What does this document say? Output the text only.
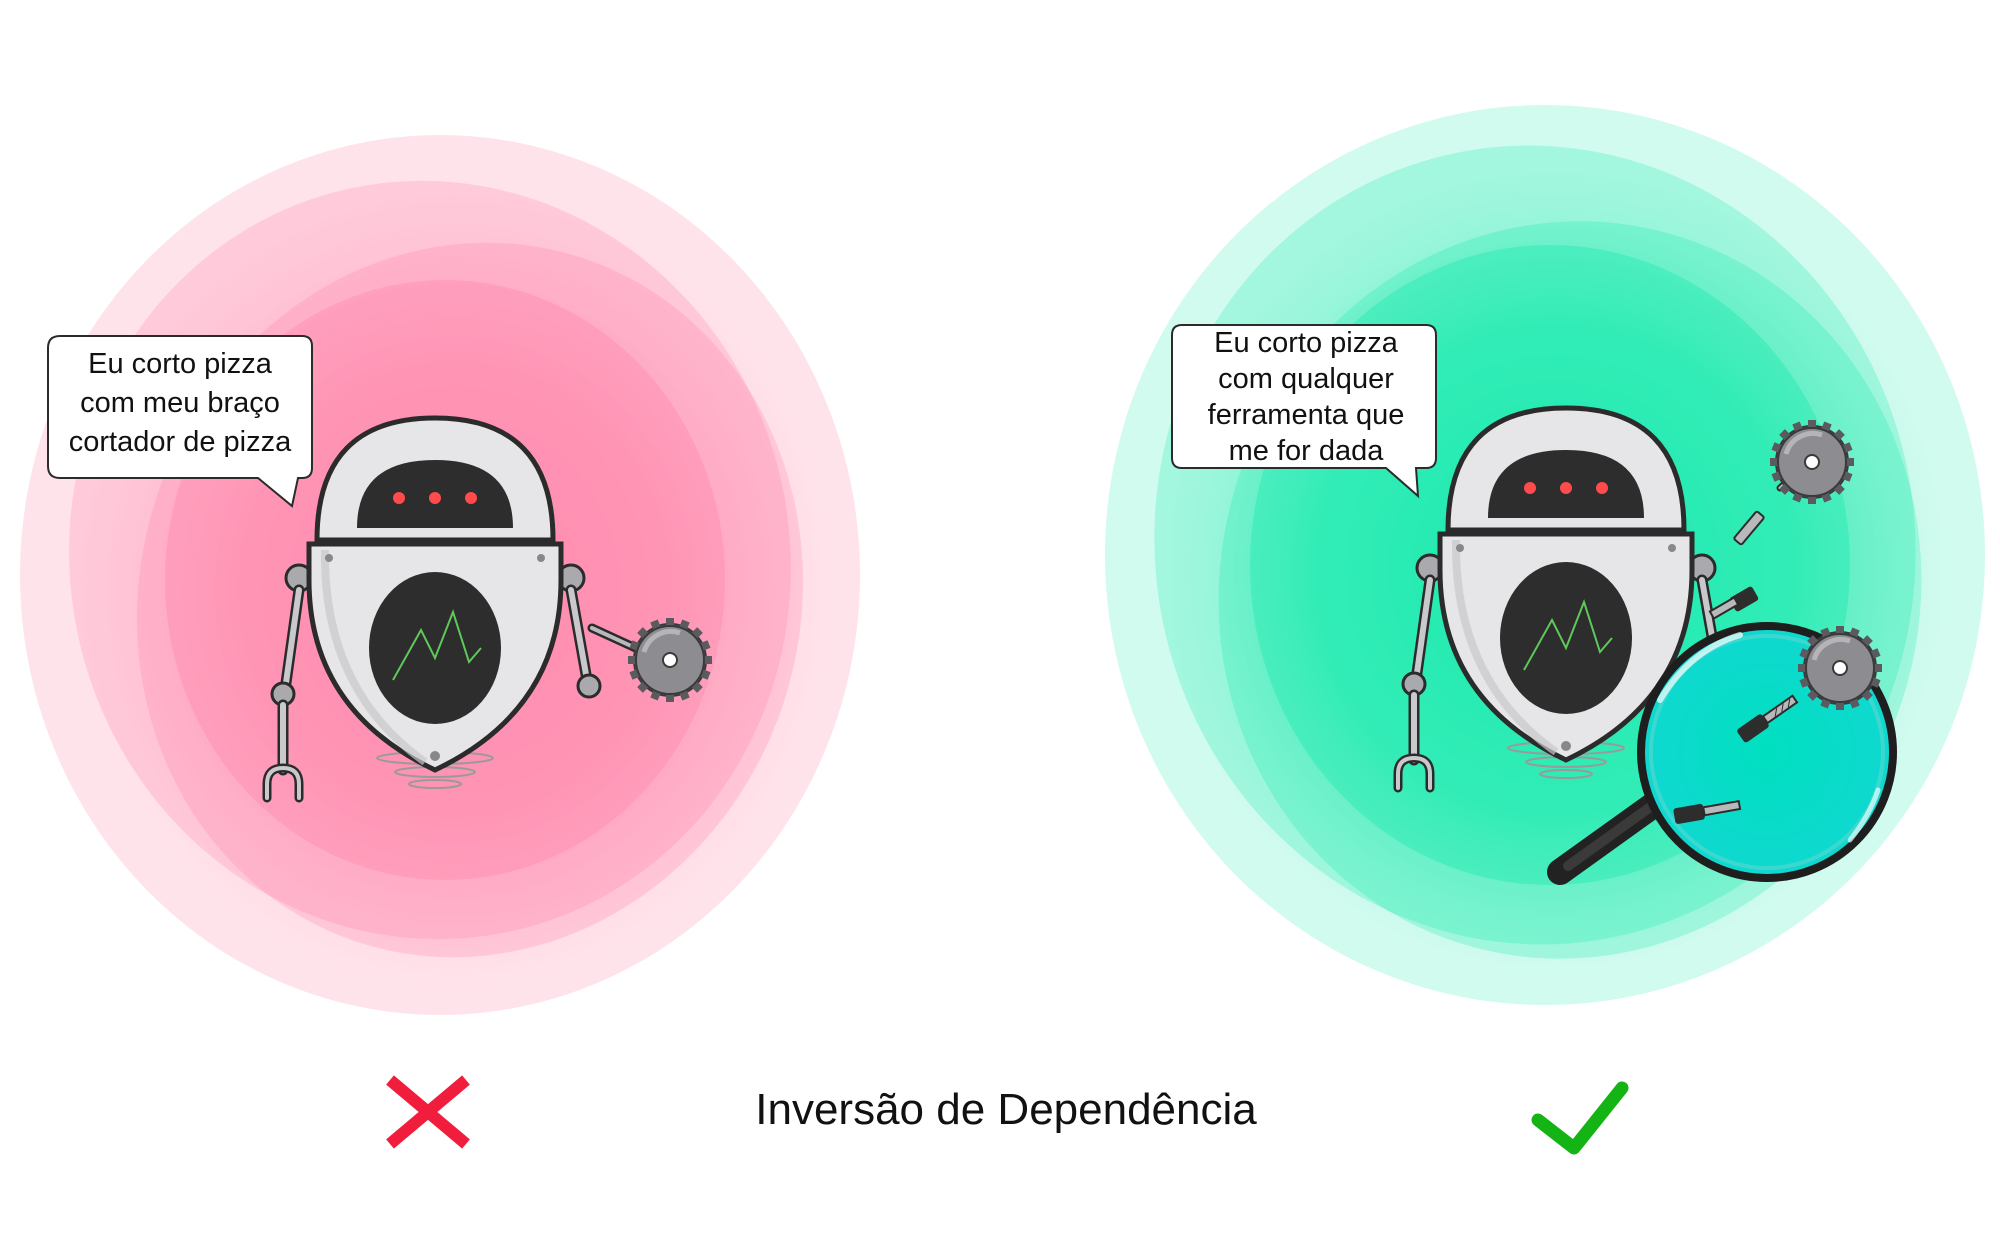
Eu corto pizza
com meu braço
cortador de pizza
Eu corto pizza
com qualquer
ferramenta que
me for dada
Inversão de Dependência
